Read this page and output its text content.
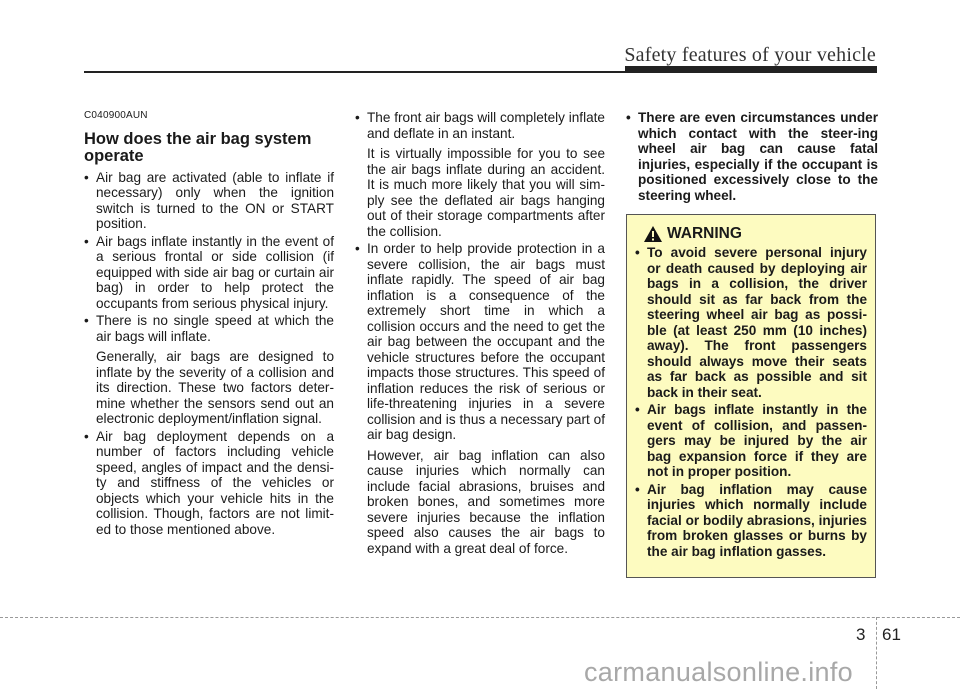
Safety features of your vehicle
C040900AUN
How does the air bag system operate
• Air bag are activated (able to inflate if necessary) only when the ignition switch is turned to the ON or START position.
• Air bags inflate instantly in the event of a serious frontal or side collision (if equipped with side air bag or curtain air bag) in order to help protect the occupants from serious physical injury.
• There is no single speed at which the air bags will inflate.
Generally, air bags are designed to inflate by the severity of a collision and its direction. These two factors deter-mine whether the sensors send out an electronic deployment/inflation signal.
• Air bag deployment depends on a number of factors including vehicle speed, angles of impact and the densi-ty and stiffness of the vehicles or objects which your vehicle hits in the collision. Though, factors are not limit-ed to those mentioned above.
• The front air bags will completely inflate and deflate in an instant.
It is virtually impossible for you to see the air bags inflate during an accident. It is much more likely that you will sim-ply see the deflated air bags hanging out of their storage compartments after the collision.
• In order to help provide protection in a severe collision, the air bags must inflate rapidly. The speed of air bag inflation is a consequence of the extremely short time in which a collision occurs and the need to get the air bag between the occupant and the vehicle structures before the occupant impacts those structures. This speed of inflation reduces the risk of serious or life-threatening injuries in a severe collision and is thus a necessary part of air bag design.
However, air bag inflation can also cause injuries which normally can include facial abrasions, bruises and broken bones, and sometimes more severe injuries because the inflation speed also causes the air bags to expand with a great deal of force.
• There are even circumstances under which contact with the steer-ing wheel air bag can cause fatal injuries, especially if the occupant is positioned excessively close to the steering wheel.
WARNING
• To avoid severe personal injury or death caused by deploying air bags in a collision, the driver should sit as far back from the steering wheel air bag as possi-ble (at least 250 mm (10 inches) away). The front passengers should always move their seats as far back as possible and sit back in their seat.
• Air bags inflate instantly in the event of collision, and passen-gers may be injured by the air bag expansion force if they are not in proper position.
• Air bag inflation may cause injuries which normally include facial or bodily abrasions, injuries from broken glasses or burns by the air bag inflation gasses.
3 61
carmanualsonline.info
